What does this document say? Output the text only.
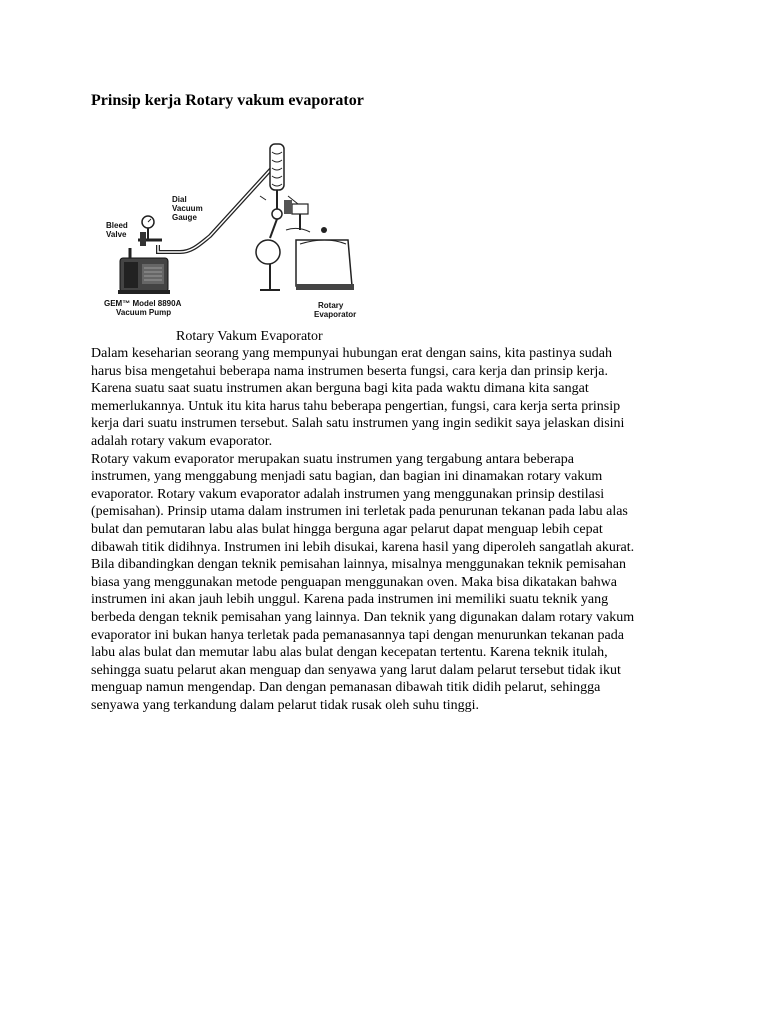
Prinsip kerja Rotary vakum evaporator
Bleed
Valve
Dial
Vacuum
Gauge
GEM™ Model 8890A
Vacuum Pump
Rotary
Evaporator
Rotary Vakum Evaporator
Dalam keseharian seorang yang mempunyai hubungan erat dengan sains, kita pastinya sudah
harus bisa mengetahui beberapa nama instrumen beserta fungsi, cara kerja dan prinsip kerja.
Karena suatu saat suatu instrumen akan berguna bagi kita pada waktu dimana kita sangat
memerlukannya. Untuk itu kita harus tahu beberapa pengertian, fungsi, cara kerja serta prinsip
kerja dari suatu instrumen tersebut. Salah satu instrumen yang ingin sedikit saya jelaskan disini
adalah rotary vakum evaporator.
Rotary vakum evaporator merupakan suatu instrumen yang tergabung antara beberapa
instrumen, yang menggabung menjadi satu bagian, dan bagian ini dinamakan rotary vakum
evaporator. Rotary vakum evaporator adalah instrumen yang menggunakan prinsip destilasi
(pemisahan). Prinsip utama dalam instrumen ini terletak pada penurunan tekanan pada labu alas
bulat dan pemutaran labu alas bulat hingga berguna agar pelarut dapat menguap lebih cepat
dibawah titik didihnya. Instrumen ini lebih disukai, karena hasil yang diperoleh sangatlah akurat.
Bila dibandingkan dengan teknik pemisahan lainnya, misalnya menggunakan teknik pemisahan
biasa yang menggunakan metode penguapan menggunakan oven. Maka bisa dikatakan bahwa
instrumen ini akan jauh lebih unggul. Karena pada instrumen ini memiliki suatu teknik yang
berbeda dengan teknik pemisahan yang lainnya. Dan teknik yang digunakan dalam rotary vakum
evaporator ini bukan hanya terletak pada pemanasannya tapi dengan menurunkan tekanan pada
labu alas bulat dan memutar labu alas bulat dengan kecepatan tertentu. Karena teknik itulah,
sehingga suatu pelarut akan menguap dan senyawa yang larut dalam pelarut tersebut tidak ikut
menguap namun mengendap. Dan dengan pemanasan dibawah titik didih pelarut, sehingga
senyawa yang terkandung dalam pelarut tidak rusak oleh suhu tinggi.
